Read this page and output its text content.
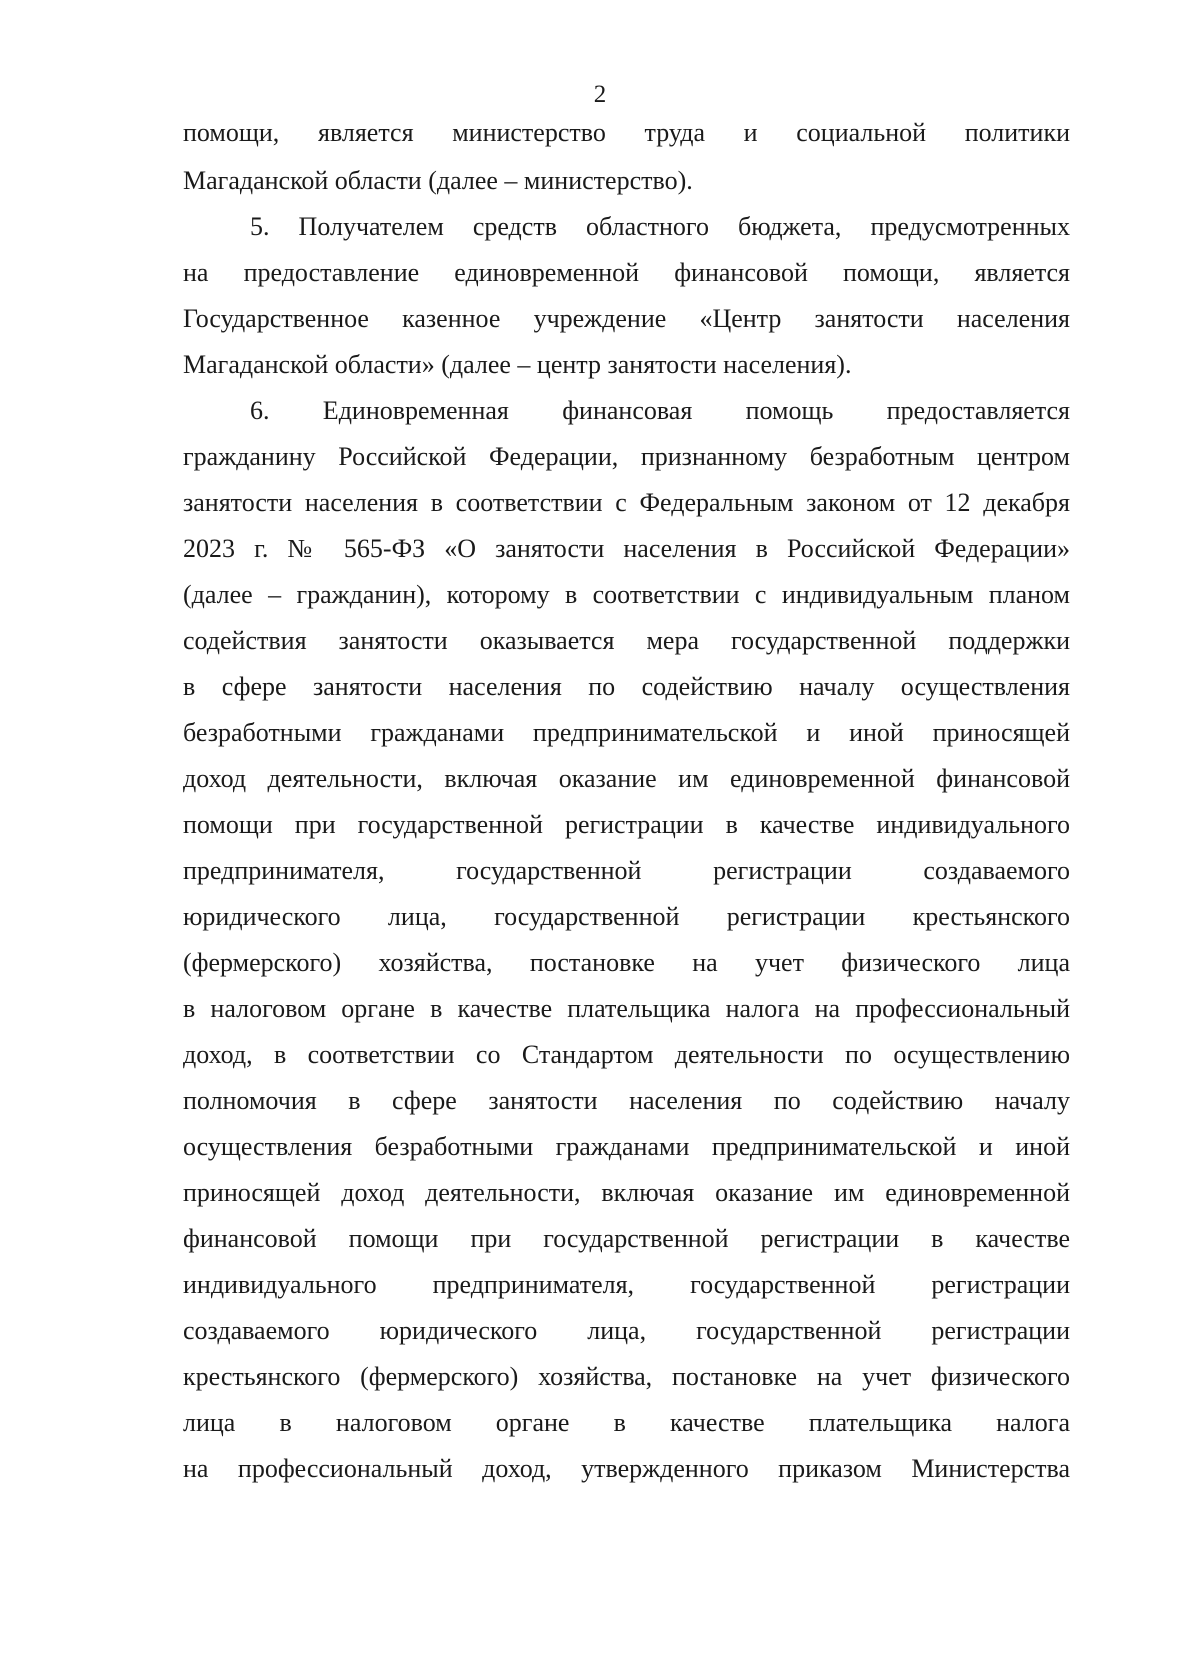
2
помощи, является министерство труда и социальной политики
Магаданской области (далее – министерство).
5. Получателем средств областного бюджета, предусмотренных
на предоставление единовременной финансовой помощи, является
Государственное казенное учреждение «Центр занятости населения
Магаданской области» (далее – центр занятости населения).
6. Единовременная финансовая помощь предоставляется
гражданину Российской Федерации, признанному безработным центром
занятости населения в соответствии с Федеральным законом от 12 декабря
2023 г. № 565-ФЗ «О занятости населения в Российской Федерации»
(далее – гражданин), которому в соответствии с индивидуальным планом
содействия занятости оказывается мера государственной поддержки
в сфере занятости населения по содействию началу осуществления
безработными гражданами предпринимательской и иной приносящей
доход деятельности, включая оказание им единовременной финансовой
помощи при государственной регистрации в качестве индивидуального
предпринимателя, государственной регистрации создаваемого
юридического лица, государственной регистрации крестьянского
(фермерского) хозяйства, постановке на учет физического лица
в налоговом органе в качестве плательщика налога на профессиональный
доход, в соответствии со Стандартом деятельности по осуществлению
полномочия в сфере занятости населения по содействию началу
осуществления безработными гражданами предпринимательской и иной
приносящей доход деятельности, включая оказание им единовременной
финансовой помощи при государственной регистрации в качестве
индивидуального предпринимателя, государственной регистрации
создаваемого юридического лица, государственной регистрации
крестьянского (фермерского) хозяйства, постановке на учет физического
лица в налоговом органе в качестве плательщика налога
на профессиональный доход, утвержденного приказом Министерства
